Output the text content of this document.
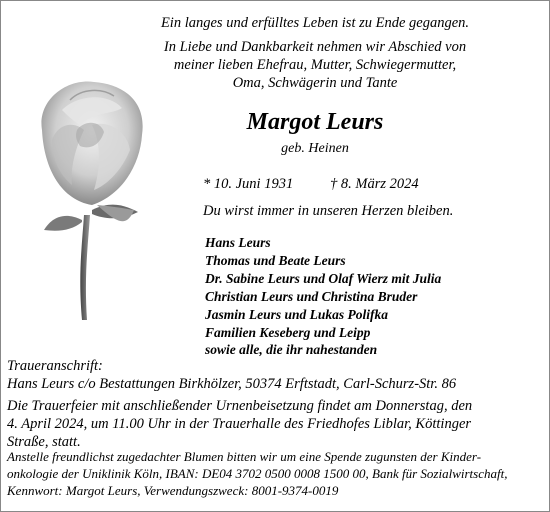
Ein langes und erfülltes Leben ist zu Ende gegangen.

In Liebe und Dankbarkeit nehmen wir Abschied von

meiner lieben Ehefrau, Mutter, Schwiegermutter,

Oma, Schwägerin und Tante

Margot Leurs
geb. Heinen
* 10. Juni 1931	† 8. März 2024
Du wirst immer in unseren Herzen bleiben.
Hans Leurs
Thomas und Beate Leurs
Dr. Sabine Leurs und Olaf Wierz mit Julia
Christian Leurs und Christina Bruder
Jasmin Leurs und Lukas Polifka
Familien Keseberg und Leipp
sowie alle, die ihr nahestanden
Traueranschrift:
Hans Leurs c/o Bestattungen Birkhölzer, 50374 Erftstadt, Carl-Schurz-Str. 86
Die Trauerfeier mit anschließender Urnenbeisetzung findet am Donnerstag, den
4. April 2024, um 11.00 Uhr in der Trauerhalle des Friedhofes Liblar, Köttinger
Straße, statt.
Anstelle freundlichst zugedachter Blumen bitten wir um eine Spende zugunsten der Kinder-
onkologie der Uniklinik Köln, IBAN: DE04 3702 0500 0008 1500 00, Bank für Sozialwirtschaft,
Kennwort: Margot Leurs, Verwendungszweck: 8001-9374-0019
